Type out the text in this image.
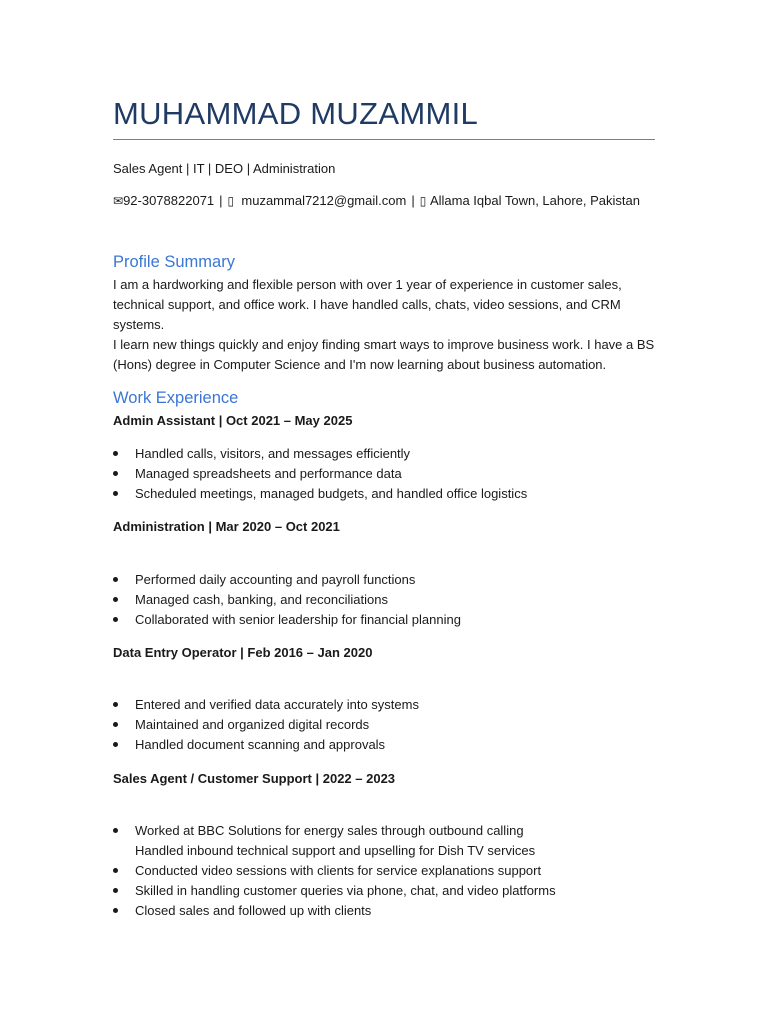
MUHAMMAD MUZAMMIL
Sales Agent | IT | DEO | Administration
✉92-3078822071 | ▯ muzammal7212@gmail.com | ▯ Allama Iqbal Town, Lahore, Pakistan
Profile Summary
I am a hardworking and flexible person with over 1 year of experience in customer sales,
technical support, and office work. I have handled calls, chats, video sessions, and CRM systems.
I learn new things quickly and enjoy finding smart ways to improve business work. I have a BS
(Hons) degree in Computer Science and I'm now learning about business automation.
Work Experience
Admin Assistant | Oct 2021 – May 2025
Handled calls, visitors, and messages efficiently
Managed spreadsheets and performance data
Scheduled meetings, managed budgets, and handled office logistics
Administration | Mar 2020 – Oct 2021
Performed daily accounting and payroll functions
Managed cash, banking, and reconciliations
Collaborated with senior leadership for financial planning
Data Entry Operator | Feb 2016 – Jan 2020
Entered and verified data accurately into systems
Maintained and organized digital records
Handled document scanning and approvals
Sales Agent / Customer Support | 2022 – 2023
Worked at BBC Solutions for energy sales through outbound calling
Handled inbound technical support and upselling for Dish TV services
Conducted video sessions with clients for service explanations support
Skilled in handling customer queries via phone, chat, and video platforms
Closed sales and followed up with clients
